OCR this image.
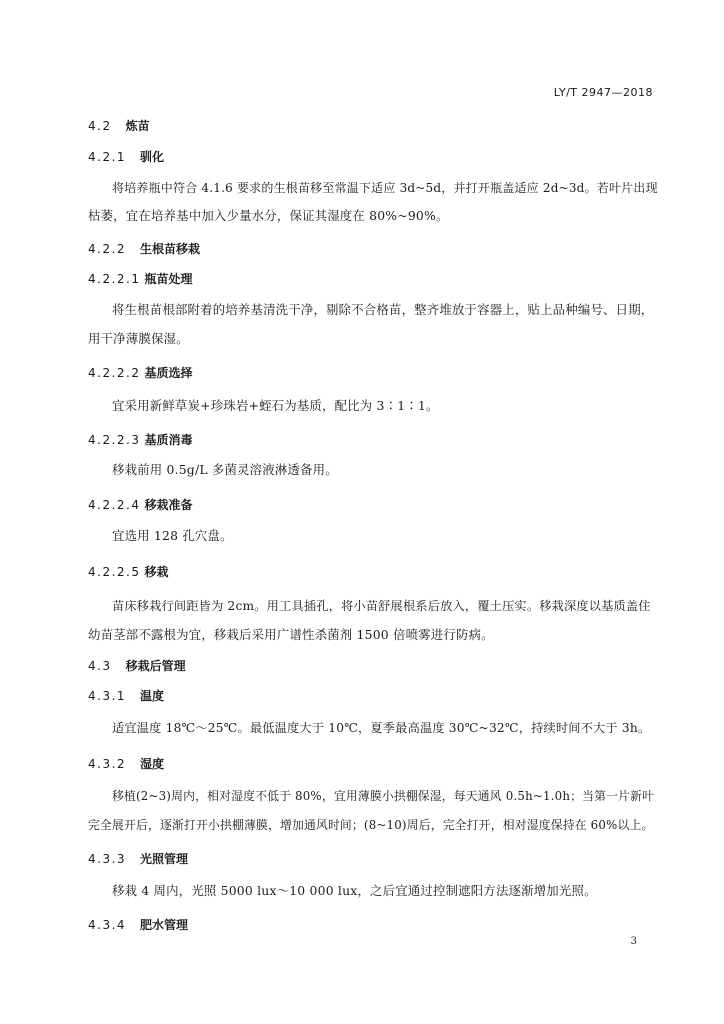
LY/T 2947—2018
4.2 炼苗
4.2.1 驯化
将培养瓶中符合 4.1.6 要求的生根苗移至常温下适应 3d~5d，并打开瓶盖适应 2d~3d。若叶片出现
枯萎，宜在培养基中加入少量水分，保证其湿度在 80%~90%。
4.2.2 生根苗移栽
4.2.2.1 瓶苗处理
将生根苗根部附着的培养基清洗干净，剔除不合格苗，整齐堆放于容器上，贴上品种编号、日期，
用干净薄膜保湿。
4.2.2.2 基质选择
宜采用新鲜草炭+珍珠岩+蛭石为基质，配比为 3∶1∶1。
4.2.2.3 基质消毒
移栽前用 0.5g/L 多菌灵溶液淋透备用。
4.2.2.4 移栽准备
宜选用 128 孔穴盘。
4.2.2.5 移栽
苗床移栽行间距皆为 2cm。用工具插孔，将小苗舒展根系后放入，覆土压实。移栽深度以基质盖住
幼苗茎部不露根为宜，移栽后采用广谱性杀菌剂 1500 倍喷雾进行防病。
4.3 移栽后管理
4.3.1 温度
适宜温度 18℃～25℃。最低温度大于 10℃，夏季最高温度 30℃~32℃，持续时间不大于 3h。
4.3.2 湿度
移植(2~3)周内，相对湿度不低于 80%，宜用薄膜小拱棚保湿，每天通风 0.5h~1.0h；当第一片新叶
完全展开后，逐渐打开小拱棚薄膜，增加通风时间；(8~10)周后，完全打开，相对湿度保持在 60%以上。
4.3.3 光照管理
移栽 4 周内，光照 5000 lux～10 000 lux，之后宜通过控制遮阳方法逐渐增加光照。
4.3.4 肥水管理
3
